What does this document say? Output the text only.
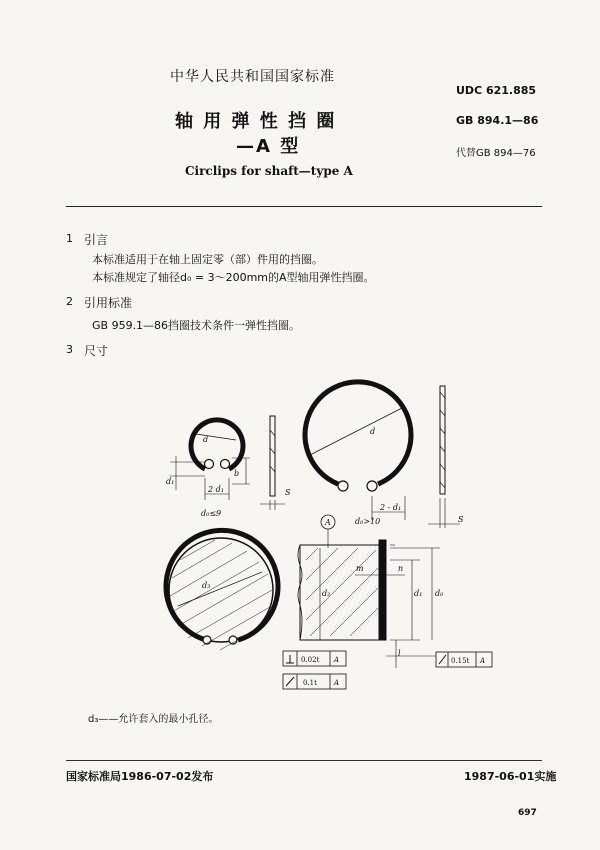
中华人民共和国国家标准
UDC 621.885
轴 用 弹 性 挡 圈	GB 894.1—86
—A 型	代替GB 894—76
Circlips for shaft—type A
1 引言
本标准适用于在轴上固定零（部）件用的挡圈。
本标准规定了轴径d₀ = 3～200mm的A型轴用弹性挡圈。
2 引用标准
GB 959.1—86挡圈技术条件一弹性挡圈。
3 尺寸
d
d₁
2 d₁
b
d₀≤9
S
d
2 - d₁
d₀>10	S
A
d₃
m	n
d₂	d₁ d₀
l
0.02t A
0.1t A
0.15t A
d₃——允许套入的最小孔径。
国家标准局1986-07-02发布	1987-06-01实施
697
